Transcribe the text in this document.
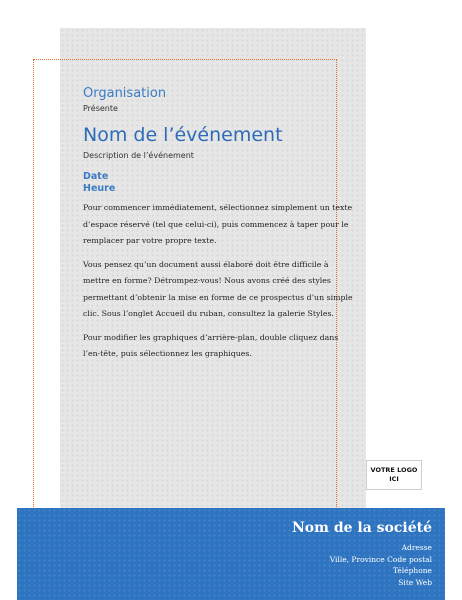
Organisation
Présente
Nom de l’événement
Description de l’événement
Date
Heure

Pour commencer immédiatement, sélectionnez simplement un texte d’espace réservé (tel que celui-ci), puis commencez à taper pour le remplacer par votre propre texte.

Vous pensez qu’un document aussi élaboré doit être difficile à mettre en forme? Détrompez-vous! Nous avons créé des styles permettant d’obtenir la mise en forme de ce prospectus d’un simple clic. Sous l’onglet Accueil du ruban, consultez la galerie Styles.

Pour modifier les graphiques d’arrière-plan, double cliquez dans l’en-tête, puis sélectionnez les graphiques.

VOTRE LOGO
ICI
Nom de la société
Adresse
Ville, Province Code postal
Téléphone
Site Web
